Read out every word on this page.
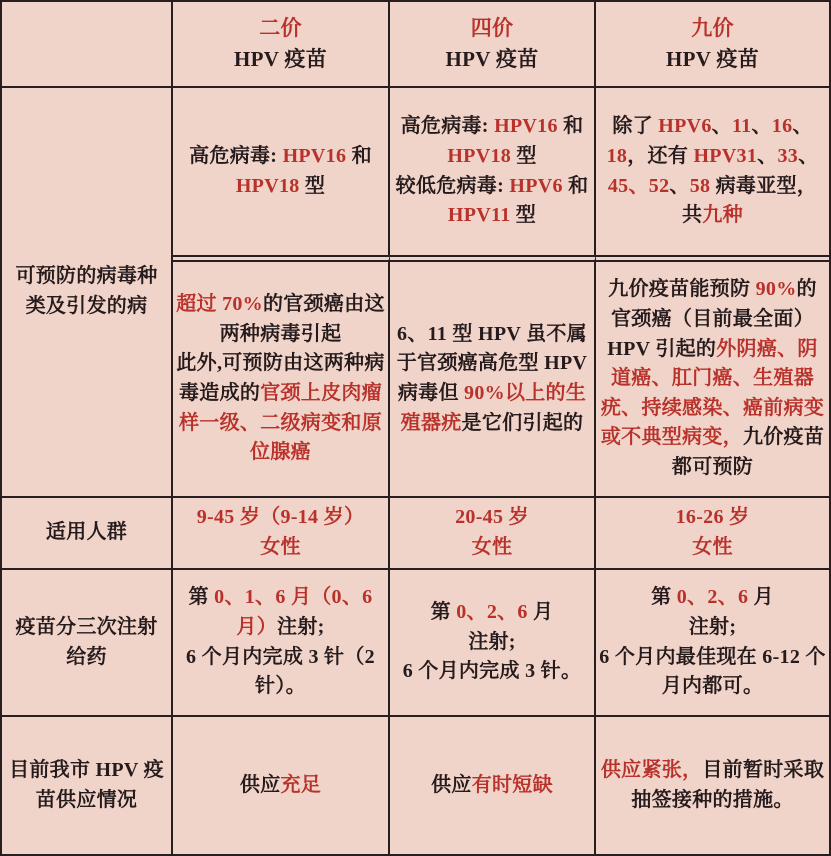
二价
HPV 疫苗
四价
HPV 疫苗
九价
HPV 疫苗
可预防的病毒种
类及引发的病
高危病毒: HPV16 和
HPV18 型
高危病毒: HPV16 和
HPV18 型
较低危病毒: HPV6 和
HPV11 型
除了 HPV6、11、16、18，还有 HPV31、33、45、52、58 病毒亚型，共九种
超过 70%的官颈癌由这两种病毒引起
此外,可预防由这两种病毒造成的官颈上皮肉瘤样一级、二级病变和原位腺癌
6、11 型 HPV 虽不属于官颈癌高危型 HPV 病毒但 90%以上的生殖器疣是它们引起的
九价疫苗能预防 90%的官颈癌（目前最全面）HPV 引起的外阴癌、阴道癌、肛门癌、生殖器疣、持续感染、癌前病变或不典型病变，九价疫苗都可预防
适用人群
9-45 岁（9-14 岁）
女性
20-45 岁
女性
16-26 岁
女性
疫苗分三次注射
给药
第 0、1、6 月（0、6 月）注射;
6 个月内完成 3 针（2 针）。
第 0、2、6 月
注射;
6 个月内完成 3 针。
第 0、2、6 月
注射;
6 个月内最佳现在 6-12 个月内都可。
目前我市 HPV 疫
苗供应情况
供应充足	供应有时短缺
供应紧张，目前暂时采取抽签接种的措施。
